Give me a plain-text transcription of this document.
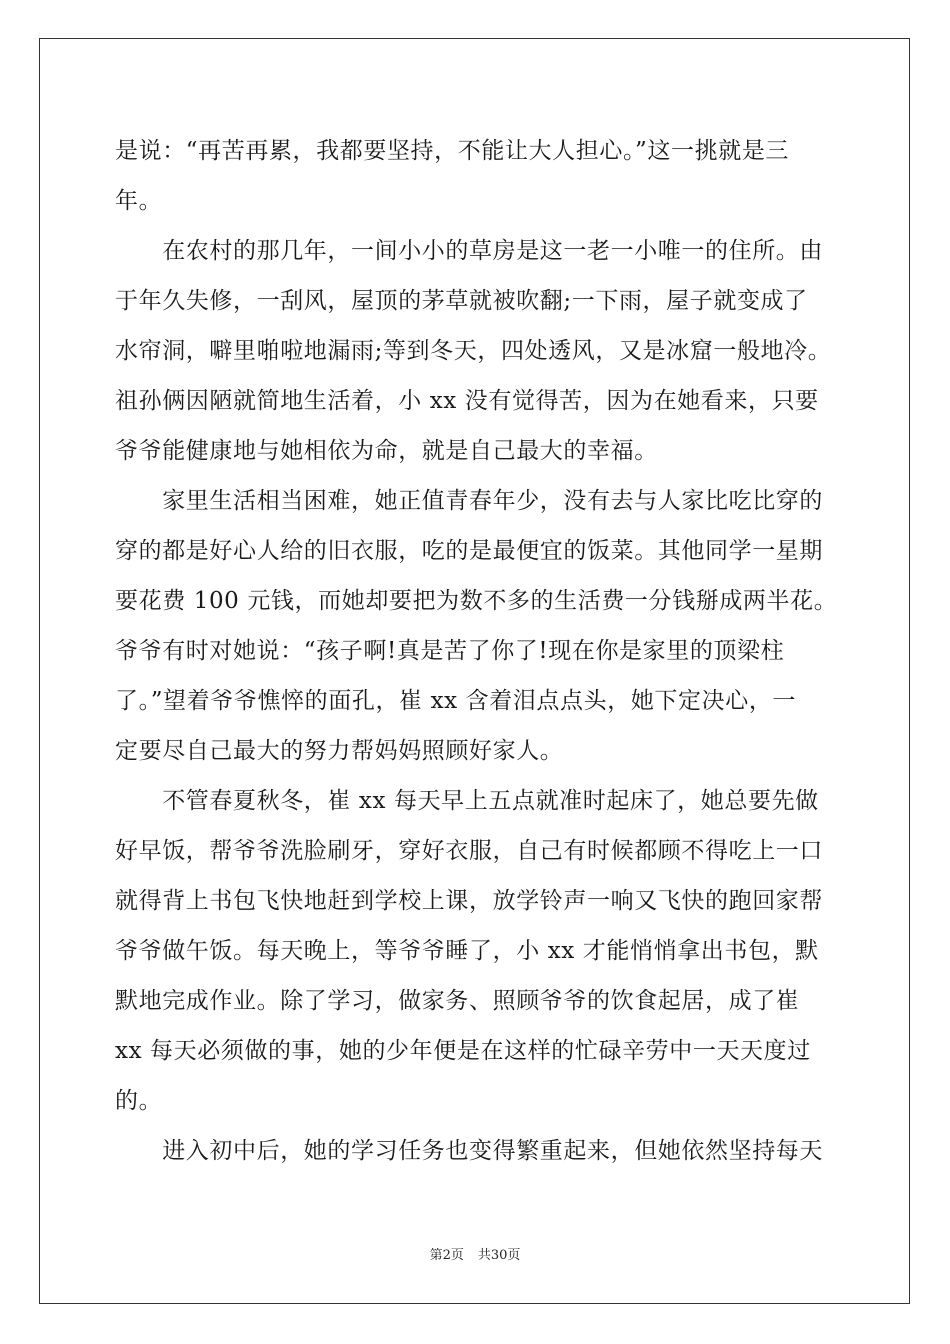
是说：“再苦再累，我都要坚持，不能让大人担心。”这一挑就是三
年。
　　在农村的那几年，一间小小的草房是这一老一小唯一的住所。由
于年久失修，一刮风，屋顶的茅草就被吹翻;一下雨，屋子就变成了
水帘洞，噼里啪啦地漏雨;等到冬天，四处透风，又是冰窟一般地冷。
祖孙俩因陋就简地生活着，小 xx 没有觉得苦，因为在她看来，只要
爷爷能健康地与她相依为命，就是自己最大的幸福。
　　家里生活相当困难，她正值青春年少，没有去与人家比吃比穿的
穿的都是好心人给的旧衣服，吃的是最便宜的饭菜。其他同学一星期
要花费 100 元钱，而她却要把为数不多的生活费一分钱掰成两半花。
爷爷有时对她说：“孩子啊!真是苦了你了!现在你是家里的顶梁柱
了。”望着爷爷憔悴的面孔，崔 xx 含着泪点点头，她下定决心，一
定要尽自己最大的努力帮妈妈照顾好家人。
　　不管春夏秋冬，崔 xx 每天早上五点就准时起床了，她总要先做
好早饭，帮爷爷洗脸刷牙，穿好衣服，自己有时候都顾不得吃上一口
就得背上书包飞快地赶到学校上课，放学铃声一响又飞快的跑回家帮
爷爷做午饭。每天晚上，等爷爷睡了，小 xx 才能悄悄拿出书包，默
默地完成作业。除了学习，做家务、照顾爷爷的饮食起居，成了崔
xx 每天必须做的事，她的少年便是在这样的忙碌辛劳中一天天度过
的。
　　进入初中后，她的学习任务也变得繁重起来，但她依然坚持每天
第2页 共30页
